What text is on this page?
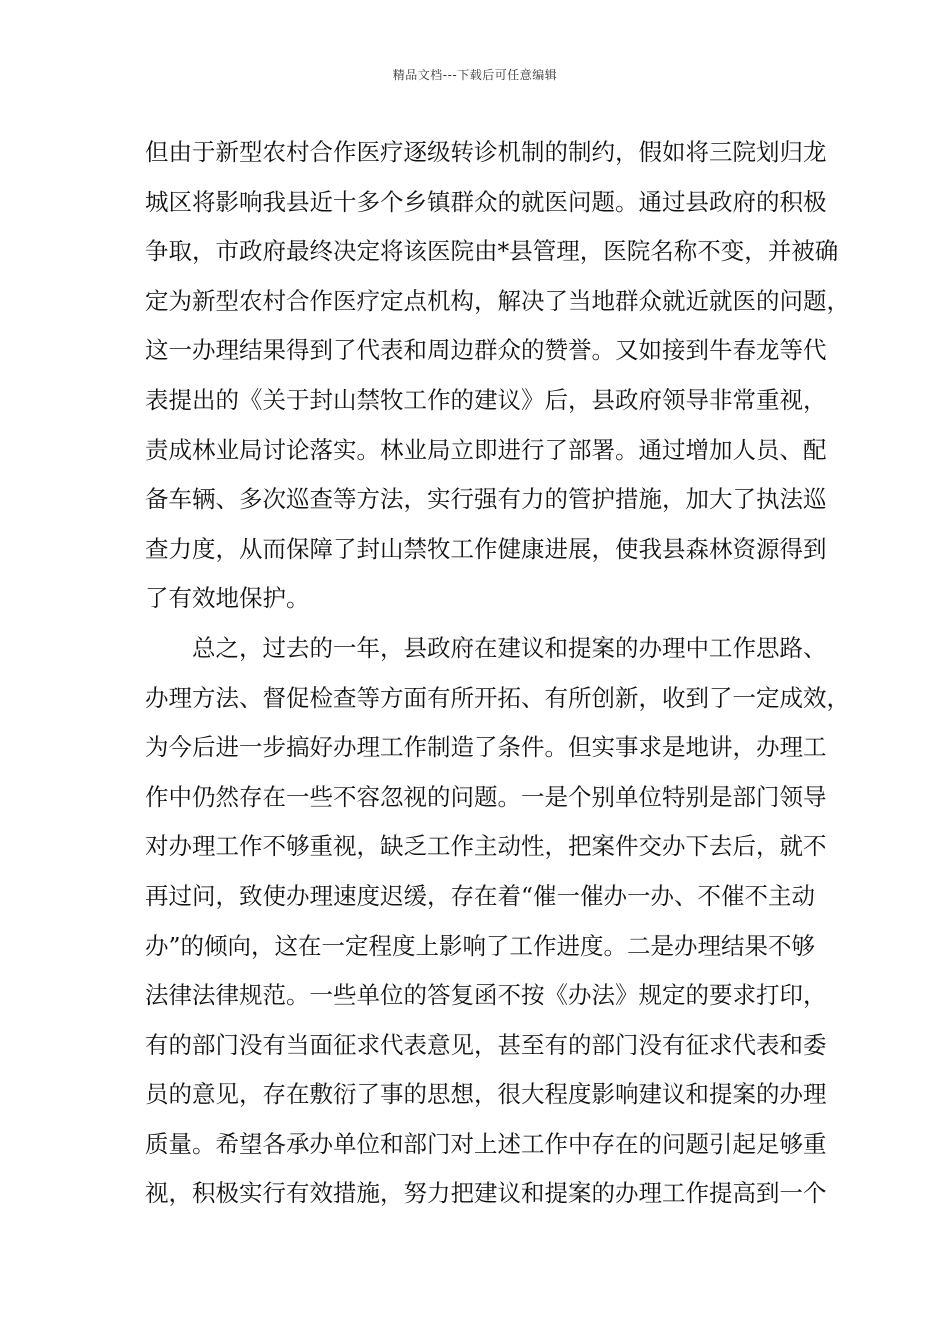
精品文档---下载后可任意编辑
但由于新型农村合作医疗逐级转诊机制的制约，假如将三院划归龙
城区将影响我县近十多个乡镇群众的就医问题。通过县政府的积极
争取，市政府最终决定将该医院由*县管理，医院名称不变，并被确
定为新型农村合作医疗定点机构，解决了当地群众就近就医的问题，
这一办理结果得到了代表和周边群众的赞誉。又如接到牛春龙等代
表提出的《关于封山禁牧工作的建议》后，县政府领导非常重视，
责成林业局讨论落实。林业局立即进行了部署。通过增加人员、配
备车辆、多次巡查等方法，实行强有力的管护措施，加大了执法巡
查力度，从而保障了封山禁牧工作健康进展，使我县森林资源得到
了有效地保护。
总之，过去的一年，县政府在建议和提案的办理中工作思路、
办理方法、督促检查等方面有所开拓、有所创新，收到了一定成效，
为今后进一步搞好办理工作制造了条件。但实事求是地讲，办理工
作中仍然存在一些不容忽视的问题。一是个别单位特别是部门领导
对办理工作不够重视，缺乏工作主动性，把案件交办下去后，就不
再过问，致使办理速度迟缓，存在着“催一催办一办、不催不主动
办”的倾向，这在一定程度上影响了工作进度。二是办理结果不够
法律法律规范。一些单位的答复函不按《办法》规定的要求打印，
有的部门没有当面征求代表意见，甚至有的部门没有征求代表和委
员的意见，存在敷衍了事的思想，很大程度影响建议和提案的办理
质量。希望各承办单位和部门对上述工作中存在的问题引起足够重
视，积极实行有效措施，努力把建议和提案的办理工作提高到一个
